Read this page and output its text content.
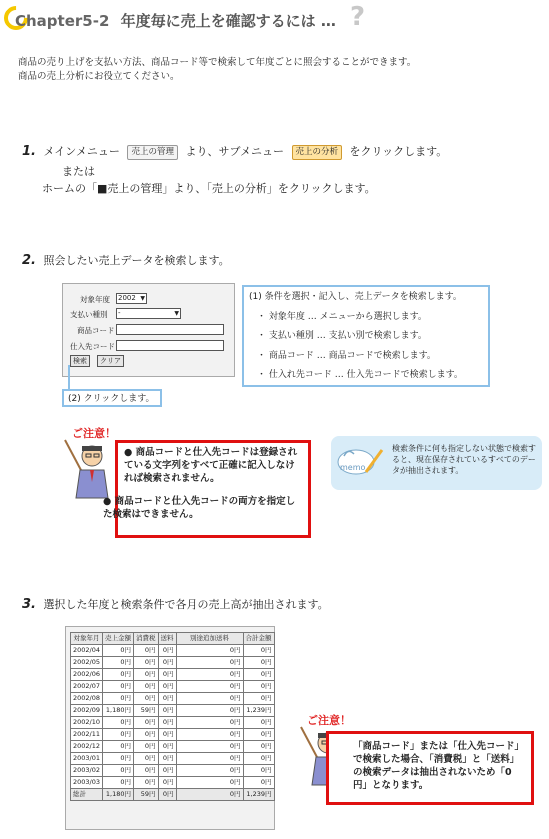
Chapter5-2 年度毎に売上を確認するには … ?
商品の売り上げを支払い方法、商品コード等で検索して年度ごとに照会することができます。
商品の売上分析にお役立てください。
1. メインメニュー 売上の管理 より、サブメニュー 売上の分析 をクリックします。
または
ホームの「■売上の管理」より、「売上の分析」をクリックします。
2. 照会したい売上データを検索します。
対象年度 2002 ▼
支払い種別 -	▼
商品コード
仕入先コード
検索	クリア
(1) 条件を選択・記入し、売上データを検索します。
・ 対象年度 … メニューから選択します。
・ 支払い種別 … 支払い別で検索します。
・ 商品コード … 商品コードで検索します。
・ 仕入れ先コード … 仕入先コードで検索します。
(2) クリックします。
ご注意！
● 商品コードと仕入先コードは登録されている文字列をすべて正確に記入しなければ検索されません。
● 商品コードと仕入先コードの両方を指定した検索はできません。
memo
検索条件に何も指定しない状態で検索すると、現在保存されているすべてのデータが抽出されます。
3. 選択した年度と検索条件で各月の売上高が抽出されます。
対象年月	売上金額	消費税	送料	別途追加送料	合計金額
2002/04	0円	0円	0円	0円	0円
2002/05	0円	0円	0円	0円	0円
2002/06	0円	0円	0円	0円	0円
2002/07	0円	0円	0円	0円	0円
2002/08	0円	0円	0円	0円	0円
2002/09	1,180円	59円	0円	0円	1,239円
2002/10	0円	0円	0円	0円	0円
2002/11	0円	0円	0円	0円	0円
2002/12	0円	0円	0円	0円	0円
2003/01	0円	0円	0円	0円	0円
2003/02	0円	0円	0円	0円	0円
2003/03	0円	0円	0円	0円	0円
総計	1,180円	59円	0円	0円	1,239円
ご注意！
「商品コード」または「仕入先コード」で検索した場合、「消費税」と「送料」の検索データは抽出されないため「0円」となります。
